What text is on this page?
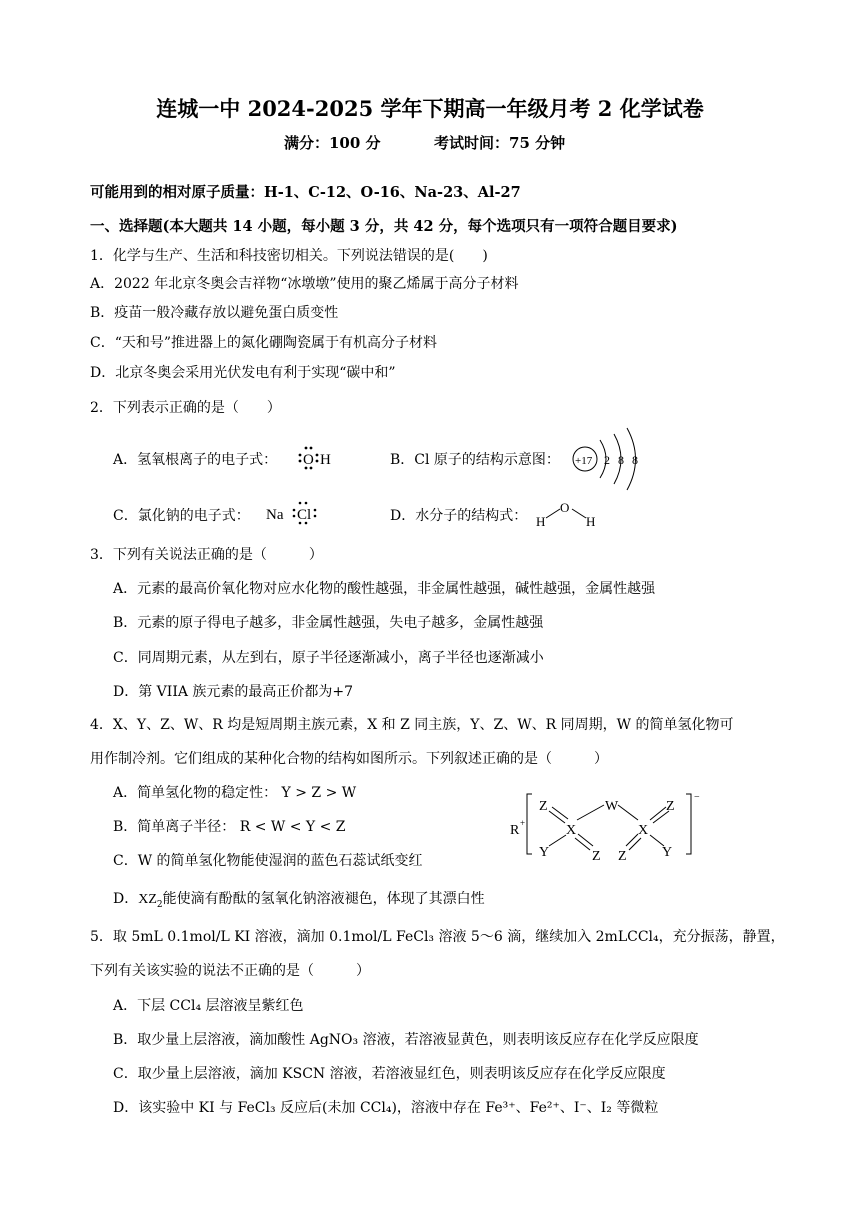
连城一中 2024-2025 学年下期高一年级月考 2 化学试卷
满分：100 分	考试时间：75 分钟
可能用到的相对原子质量：H-1、C-12、O-16、Na-23、Al-27
一、选择题(本大题共 14 小题，每小题 3 分，共 42 分，每个选项只有一项符合题目要求)
1．化学与生产、生活和科技密切相关。下列说法错误的是(　　)
A．2022 年北京冬奥会吉祥物“冰墩墩”使用的聚乙烯属于高分子材料
B．疫苗一般冷藏存放以避免蛋白质变性
C．“天和号”推进器上的氮化硼陶瓷属于有机高分子材料
D．北京冬奥会采用光伏发电有利于实现“碳中和”
2．下列表示正确的是（　　）
A．氢氧根离子的电子式： O H	B．Cl 原子的结构示意图： +17 2 8 8
C．氯化钠的电子式： Na Cl	D．水分子的结构式： H
O
H
3．下列有关说法正确的是（　　　）
A．元素的最高价氧化物对应水化物的酸性越强，非金属性越强，碱性越强，金属性越强
B．元素的原子得电子越多，非金属性越强，失电子越多，金属性越强
C．同周期元素，从左到右，原子半径逐渐减小，离子半径也逐渐减小
D．第 VIIA 族元素的最高正价都为+7
4．X、Y、Z、W、R 均是短周期主族元素，X 和 Z 同主族，Y、Z、W、R 同周期，W 的简单氢化物可
用作制冷剂。它们组成的某种化合物的结构如图所示。下列叙述正确的是（　　　）
A．简单氢化物的稳定性： Y > Z > W
B．简单离子半径： R < W < Y < Z
C．W 的简单氢化物能使湿润的蓝色石蕊试纸变红
D．$XZ_2$能使滴有酚酞的氢氧化钠溶液褪色，体现了其漂白性
R +
−
Z
X
W
X
Z
Y	Z Z	Y
5．取 5mL 0.1mol/L KI 溶液，滴加 0.1mol/L FeCl₃ 溶液 5～6 滴，继续加入 2mLCCl₄，充分振荡，静置，
下列有关该实验的说法不正确的是（　　　）
A．下层 CCl₄ 层溶液呈紫红色
B．取少量上层溶液，滴加酸性 AgNO₃ 溶液，若溶液显黄色，则表明该反应存在化学反应限度
C．取少量上层溶液，滴加 KSCN 溶液，若溶液显红色，则表明该反应存在化学反应限度
D．该实验中 KI 与 FeCl₃ 反应后(未加 CCl₄)，溶液中存在 Fe³⁺、Fe²⁺、I⁻、I₂ 等微粒
